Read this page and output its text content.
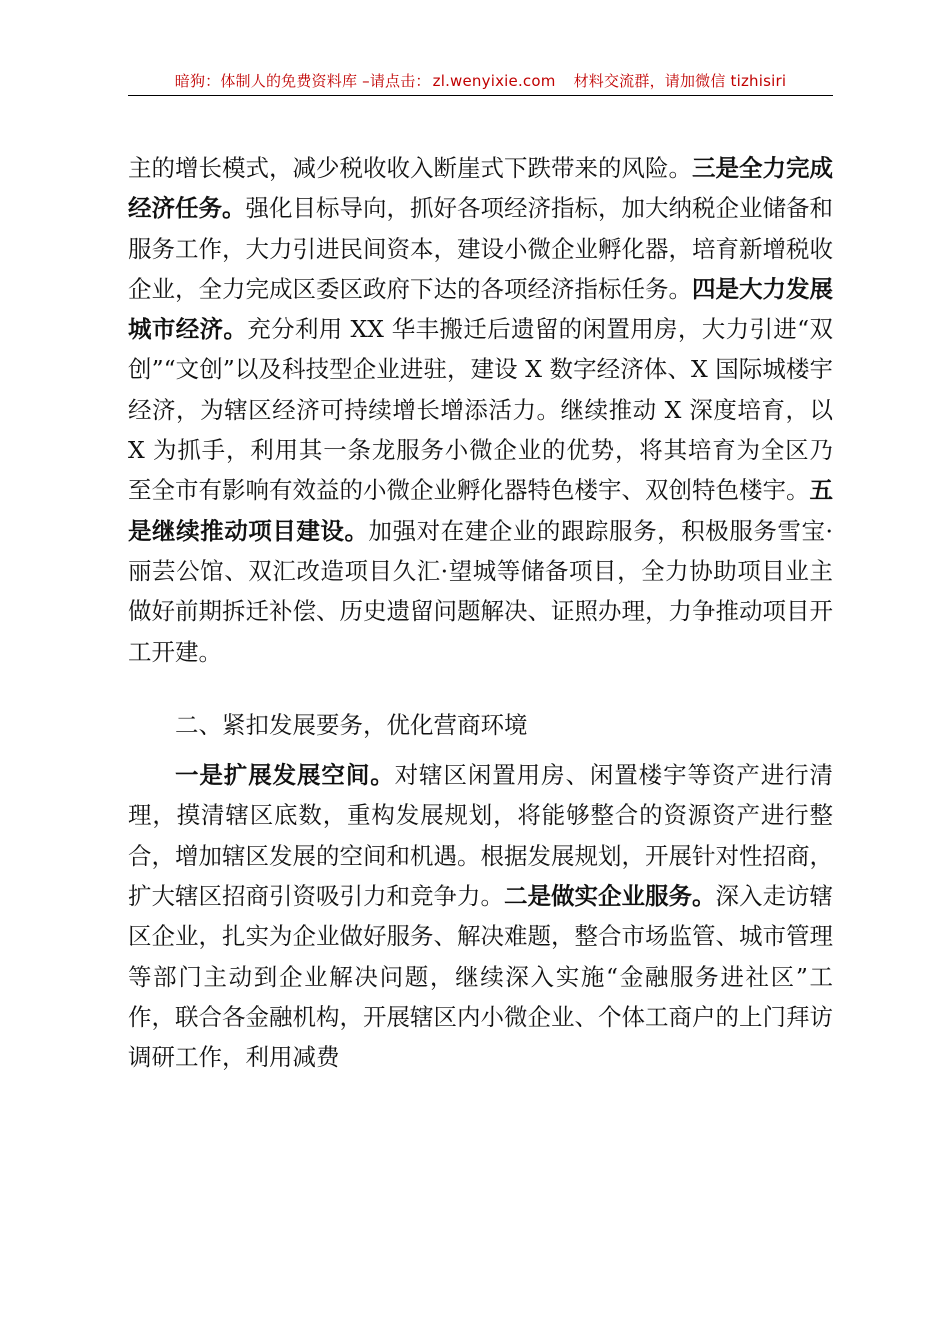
暗狗：体制人的免费资料库 –请点击： zl.wenyixie.com 材料交流群，请加微信 tizhisiri

主的增长模式，减少税收收入断崖式下跌带来的风险。三是全力完成经济任务。强化目标导向，抓好各项经济指标，加大纳税企业储备和服务工作，大力引进民间资本，建设小微企业孵化器，培育新增税收企业，全力完成区委区政府下达的各项经济指标任务。四是大力发展城市经济。充分利用 XX 华丰搬迁后遗留的闲置用房，大力引进“双创”“文创”以及科技型企业进驻，建设 X 数字经济体、X 国际城楼宇经济，为辖区经济可持续增长增添活力。继续推动 X 深度培育，以 X 为抓手，利用其一条龙服务小微企业的优势，将其培育为全区乃至全市有影响有效益的小微企业孵化器特色楼宇、双创特色楼宇。五是继续推动项目建设。加强对在建企业的跟踪服务，积极服务雪宝·丽芸公馆、双汇改造项目久汇·望城等储备项目，全力协助项目业主做好前期拆迁补偿、历史遗留问题解决、证照办理，力争推动项目开工开建。

二、紧扣发展要务，优化营商环境

一是扩展发展空间。对辖区闲置用房、闲置楼宇等资产进行清理，摸清辖区底数，重构发展规划，将能够整合的资源资产进行整合，增加辖区发展的空间和机遇。根据发展规划，开展针对性招商，扩大辖区招商引资吸引力和竞争力。二是做实企业服务。深入走访辖区企业，扎实为企业做好服务、解决难题，整合市场监管、城市管理等部门主动到企业解决问题，继续深入实施“金融服务进社区”工作，联合各金融机构，开展辖区内小微企业、个体工商户的上门拜访调研工作，利用减费
